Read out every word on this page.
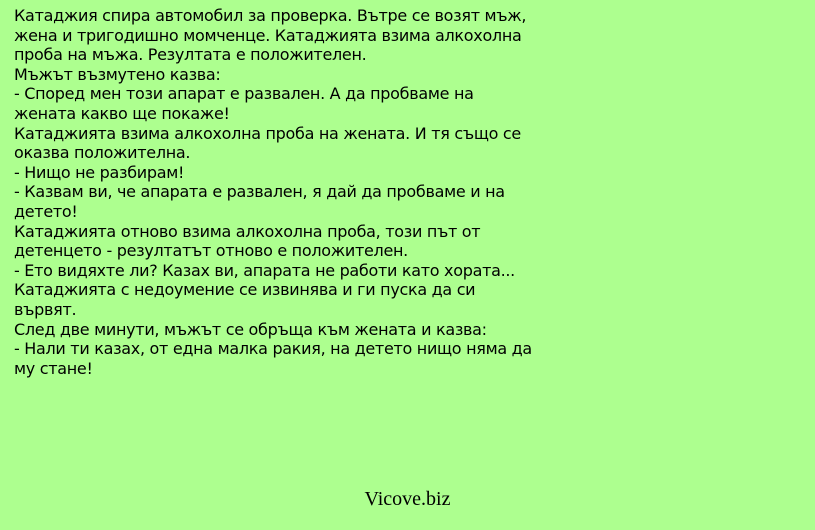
Катаджия спира автомобил за проверка. Вътре се возят мъж,
жена и тригодишно момченце. Катаджията взима алкохолна
проба на мъжа. Резултата е положителен.
Мъжът възмутено казва:
- Според мен този апарат е развален. А да пробваме на
жената какво ще покаже!
Катаджията взима алкохолна проба на жената. И тя също се
оказва положителна.
- Нищо не разбирам!
- Казвам ви, че апарата е развален, я дай да пробваме и на
детето!
Катаджията отново взима алкохолна проба, този път от
детенцето - резултатът отново е положителен.
- Ето видяхте ли? Казах ви, апарата не работи като хората...
Катаджията с недоумение се извинява и ги пуска да си
вървят.
След две минути, мъжът се обръща към жената и казва:
- Нали ти казах, от една малка ракия, на детето нищо няма да
му стане!
Vicove.biz
